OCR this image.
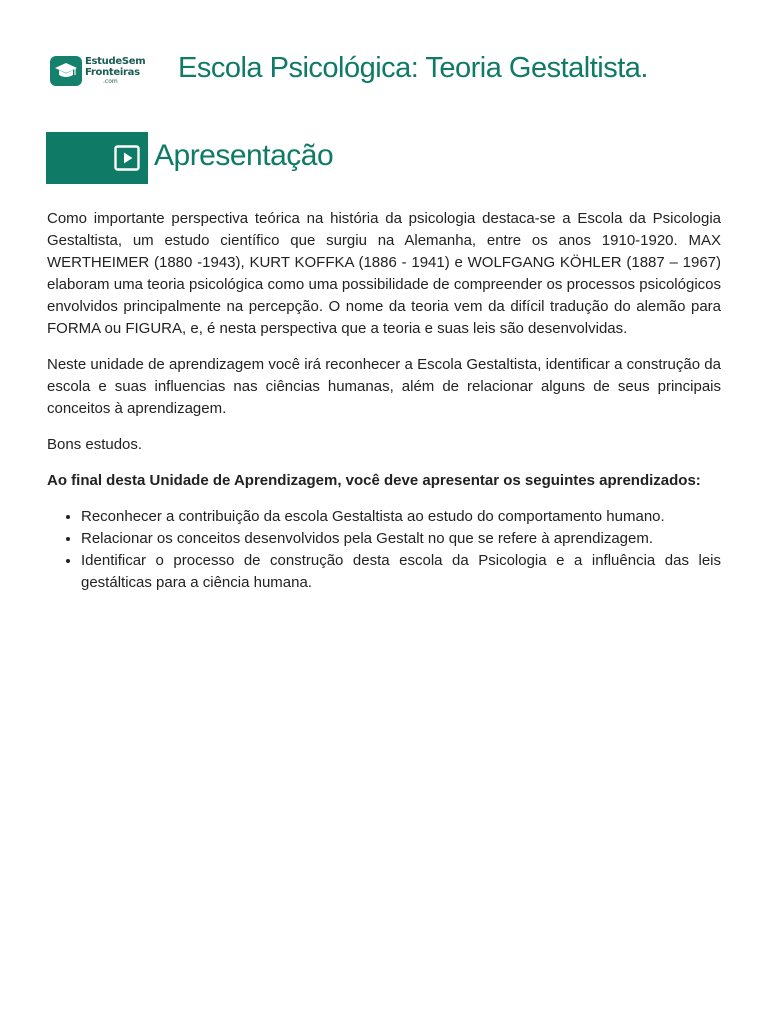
EstudeSem
Fronteiras
.com	Escola Psicológica: Teoria Gestaltista.
Apresentação

Como importante perspectiva teórica na história da psicologia destaca-se a Escola da Psicologia Gestaltista, um estudo científico que surgiu na Alemanha, entre os anos 1910-1920. MAX WERTHEIMER (1880 -1943), KURT KOFFKA (1886 - 1941) e WOLFGANG KÖHLER (1887 – 1967) elaboram uma teoria psicológica como uma possibilidade de compreender os processos psicológicos envolvidos principalmente na percepção. O nome da teoria vem da difícil tradução do alemão para FORMA ou FIGURA, e, é nesta perspectiva que a teoria e suas leis são desenvolvidas.

Neste unidade de aprendizagem você irá reconhecer a Escola Gestaltista, identificar a construção da escola e suas influencias nas ciências humanas, além de relacionar alguns de seus principais conceitos à aprendizagem.

Bons estudos.

Ao final desta Unidade de Aprendizagem, você deve apresentar os seguintes aprendizados:

• Reconhecer a contribuição da escola Gestaltista ao estudo do comportamento humano.
• Relacionar os conceitos desenvolvidos pela Gestalt no que se refere à aprendizagem.
• Identificar o processo de construção desta escola da Psicologia e a influência das leis gestálticas para a ciência humana.
